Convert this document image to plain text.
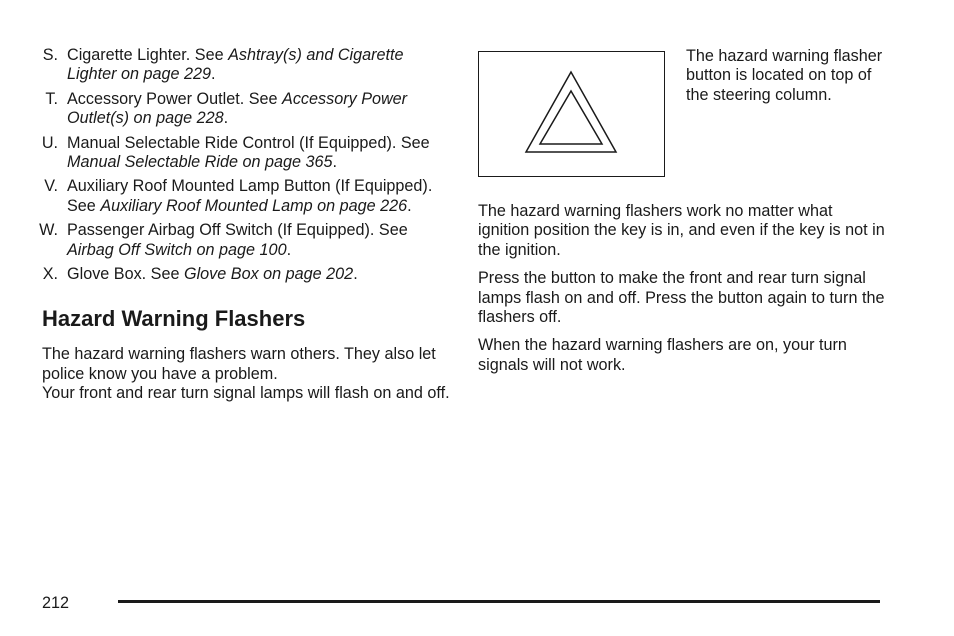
S. Cigarette Lighter. See Ashtray(s) and Cigarette Lighter on page 229.
T. Accessory Power Outlet. See Accessory Power Outlet(s) on page 228.
U. Manual Selectable Ride Control (If Equipped). See Manual Selectable Ride on page 365.
V. Auxiliary Roof Mounted Lamp Button (If Equipped). See Auxiliary Roof Mounted Lamp on page 226.
W. Passenger Airbag Off Switch (If Equipped). See Airbag Off Switch on page 100.
X. Glove Box. See Glove Box on page 202.
Hazard Warning Flashers

The hazard warning flashers warn others. They also let police know you have a problem.

Your front and rear turn signal lamps will flash on and off.

The hazard warning flasher button is located on top of the steering column.

The hazard warning flashers work no matter what ignition position the key is in, and even if the key is not in the ignition.

Press the button to make the front and rear turn signal lamps flash on and off. Press the button again to turn the flashers off.

When the hazard warning flashers are on, your turn signals will not work.

212
